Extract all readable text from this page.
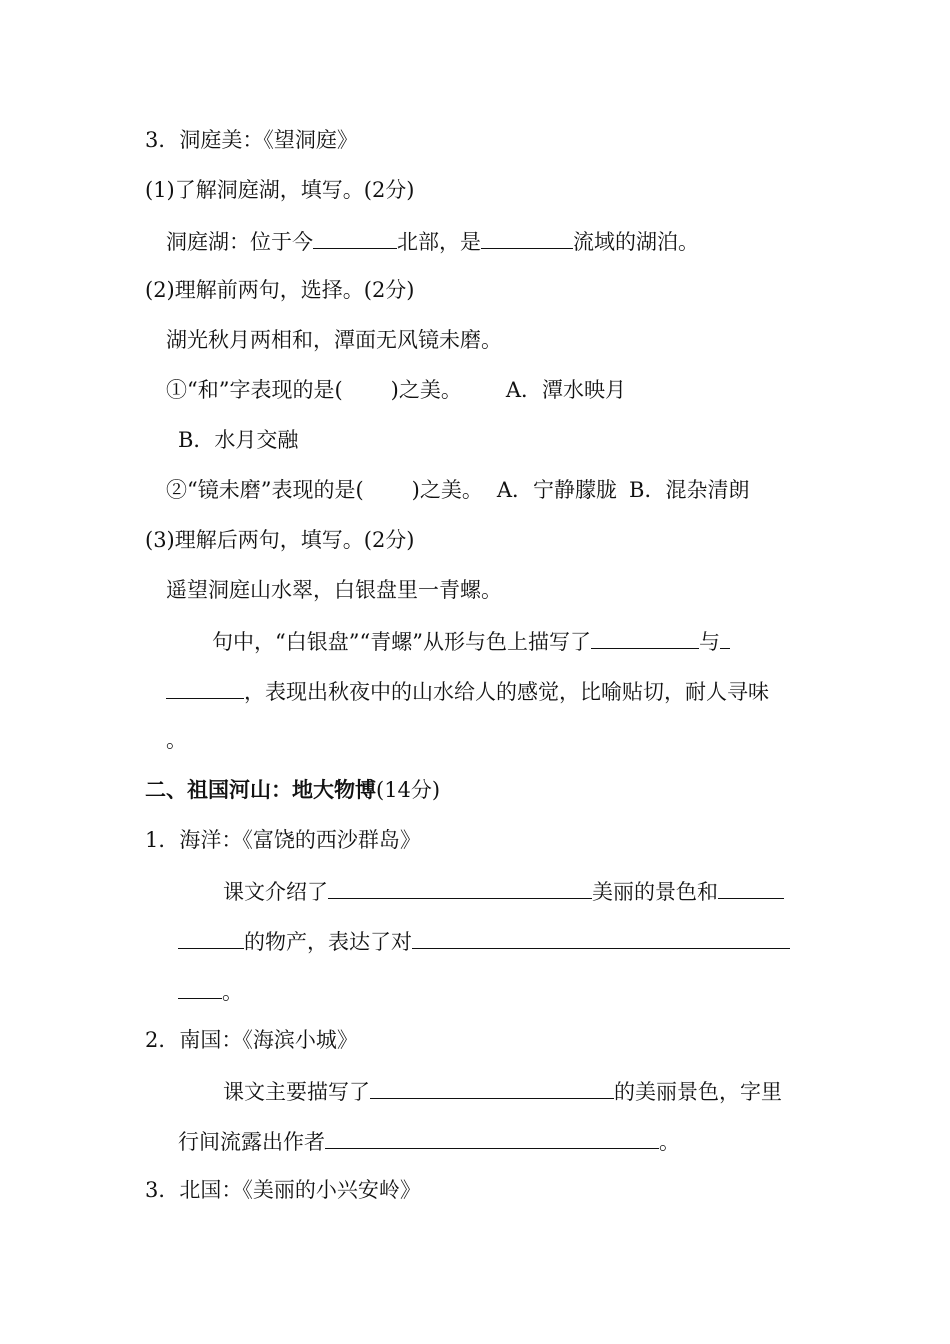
3．洞庭美：《望洞庭》
(1)了解洞庭湖，填写。(2分)
洞庭湖：位于今	北部，是	流域的湖泊。
(2)理解前两句，选择。(2分)
湖光秋月两相和，潭面无风镜未磨。
①“和”字表现的是( )之美。 A．潭水映月
B．水月交融
②“镜未磨”表现的是( )之美。 A．宁静朦胧 B．混杂清朗
(3)理解后两句，填写。(2分)
遥望洞庭山水翠，白银盘里一青螺。
句中，“白银盘”“青螺”从形与色上描写了	与
，表现出秋夜中的山水给人的感觉，比喻贴切，耐人寻味
。
二、祖国河山：地大物博(14分)
1．海洋：《富饶的西沙群岛》
课文介绍了	美丽的景色和
的物产，表达了对
。
2．南国：《海滨小城》
课文主要描写了	的美丽景色，字里
行间流露出作者	。
3．北国：《美丽的小兴安岭》
